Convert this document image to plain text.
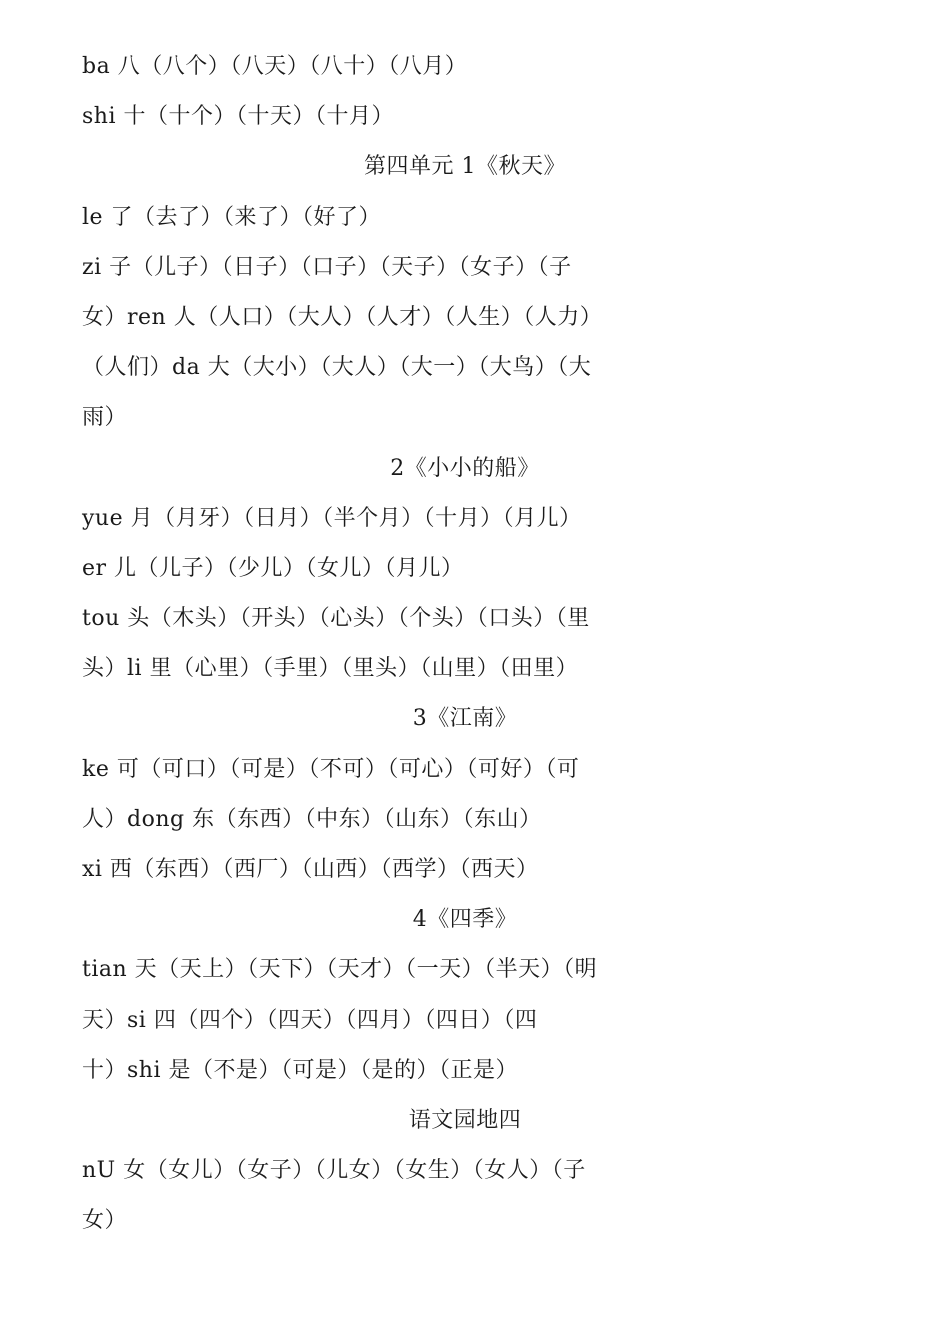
ba 八（八个）（八天）（八十）（八月）
shi 十（十个）（十天）（十月）
第四单元 1《秋天》
le 了（去了）（来了）（好了）
zi 子（儿子）（日子）（口子）（天子）（女子）（子
女）ren 人（人口）（大人）（人才）（人生）（人力）
（人们）da 大（大小）（大人）（大一）（大鸟）（大
雨）
2《小小的船》
yue 月（月牙）（日月）（半个月）（十月）（月儿）
er 儿（儿子）（少儿）（女儿）（月儿）
tou 头（木头）（开头）（心头）（个头）（口头）（里
头）li 里（心里）（手里）（里头）（山里）（田里）
3《江南》
ke 可（可口）（可是）（不可）（可心）（可好）（可
人）dong 东（东西）（中东）（山东）（东山）
xi 西（东西）（西厂）（山西）（西学）（西天）
4《四季》
tian 天（天上）（天下）（天才）（一天）（半天）（明
天）si 四（四个）（四天）（四月）（四日）（四
十）shi 是（不是）（可是）（是的）（正是）
语文园地四
nU 女（女儿）（女子）（儿女）（女生）（女人）（子
女）
